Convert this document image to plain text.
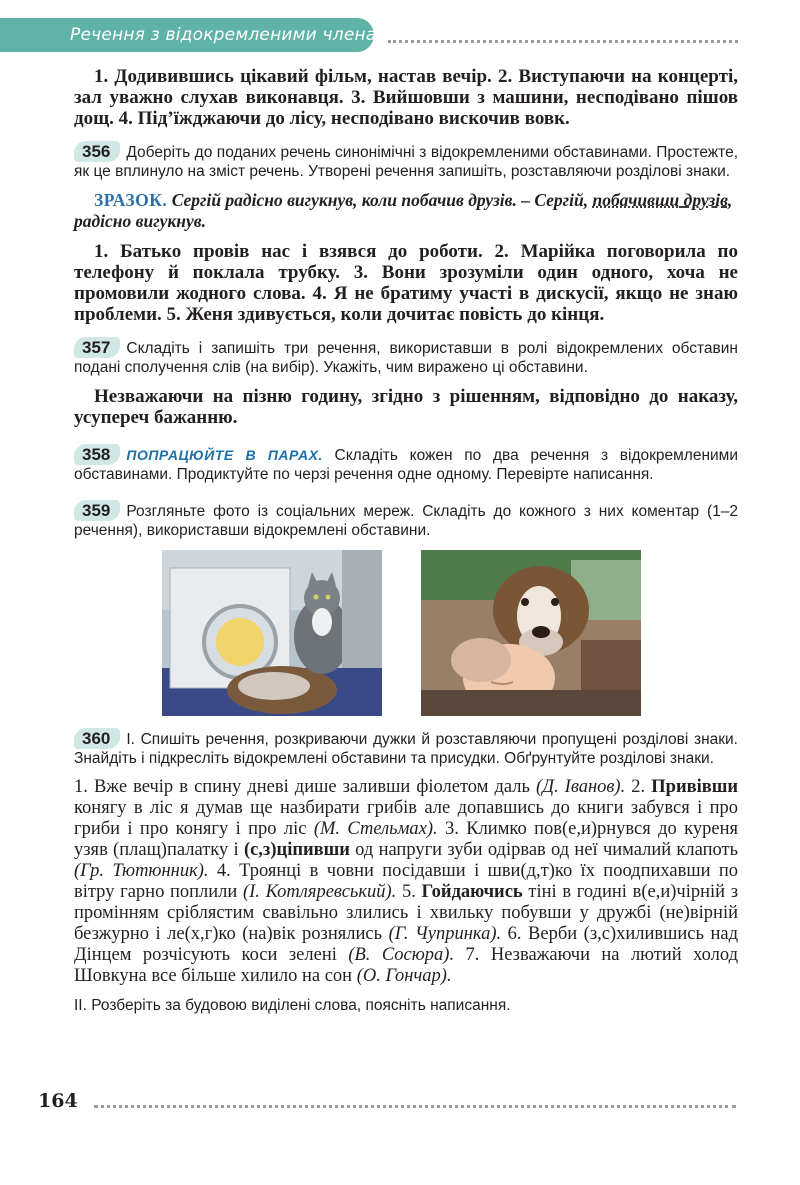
Речення з відокремленими членами

1. Додивившись цікавий фільм, настав вечір. 2. Виступаючи на концерті, зал уважно слухав виконавця. 3. Вийшовши з машини, несподівано пішов дощ. 4. Під’їжджаючи до лісу, несподівано вискочив вовк.

356 Доберіть до поданих речень синонімічні з відокремленими обставинами. Простежте, як це вплинуло на зміст речень. Утворені речення запишіть, розставляючи розділові знаки.

ЗРАЗОК. Сергій радісно вигукнув, коли побачив друзів. – Сергій, побачивши друзів, радісно вигукнув.

1. Батько провів нас і взявся до роботи. 2. Марійка поговорила по телефону й поклала трубку. 3. Вони зрозуміли один одного, хоча не промовили жодного слова. 4. Я не братиму участі в дискусії, якщо не знаю проблеми. 5. Женя здивується, коли дочитає повість до кінця.

357 Складіть і запишіть три речення, використавши в ролі відокремлених обставин подані сполучення слів (на вибір). Укажіть, чим виражено ці обставини.

Незважаючи на пізню годину, згідно з рішенням, відповідно до наказу, усупереч бажанню.

358 ПОПРАЦЮЙТЕ В ПАРАХ. Складіть кожен по два речення з відокремленими обставинами. Продиктуйте по черзі речення одне одному. Перевірте написання.

359 Розгляньте фото із соціальних мереж. Складіть до кожного з них коментар (1–2 речення), використавши відокремлені обставини.

360 І. Спишіть речення, розкриваючи дужки й розставляючи пропущені розділові знаки. Знайдіть і підкресліть відокремлені обставини та присудки. Обґрунтуйте розділові знаки.

1. Вже вечір в спину дневі дише заливши фіолетом даль (Д. Іванов). 2. Привівши конягу в ліс я думав ще назбирати грибів але допавшись до книги забувся і про гриби і про конягу і про ліс (М. Стельмах). 3. Климко пов(е,и)рнувся до куреня узяв (плащ)палатку і (с,з)ціпивши од напруги зуби одірвав од неї чималий клапоть (Гр. Тютюнник). 4. Троянці в човни посідавши і шви(д,т)ко їх поодпихавши по вітру гарно поплили (І. Котляревський). 5. Гойдаючись тіні в годині в(е,и)чірній з промінням сріблястим свавільно злились і хвильку побувши у дружбі (не)вірній безжурно і ле(х,г)ко (на)вік рознялись (Г. Чупринка). 6. Верби (з,с)хилившись над Дінцем розчісують коси зелені (В. Сосюра). 7. Незважаючи на лютий холод Шовкуна все більше хилило на сон (О. Гончар).

ІІ. Розберіть за будовою виділені слова, поясніть написання.

164
